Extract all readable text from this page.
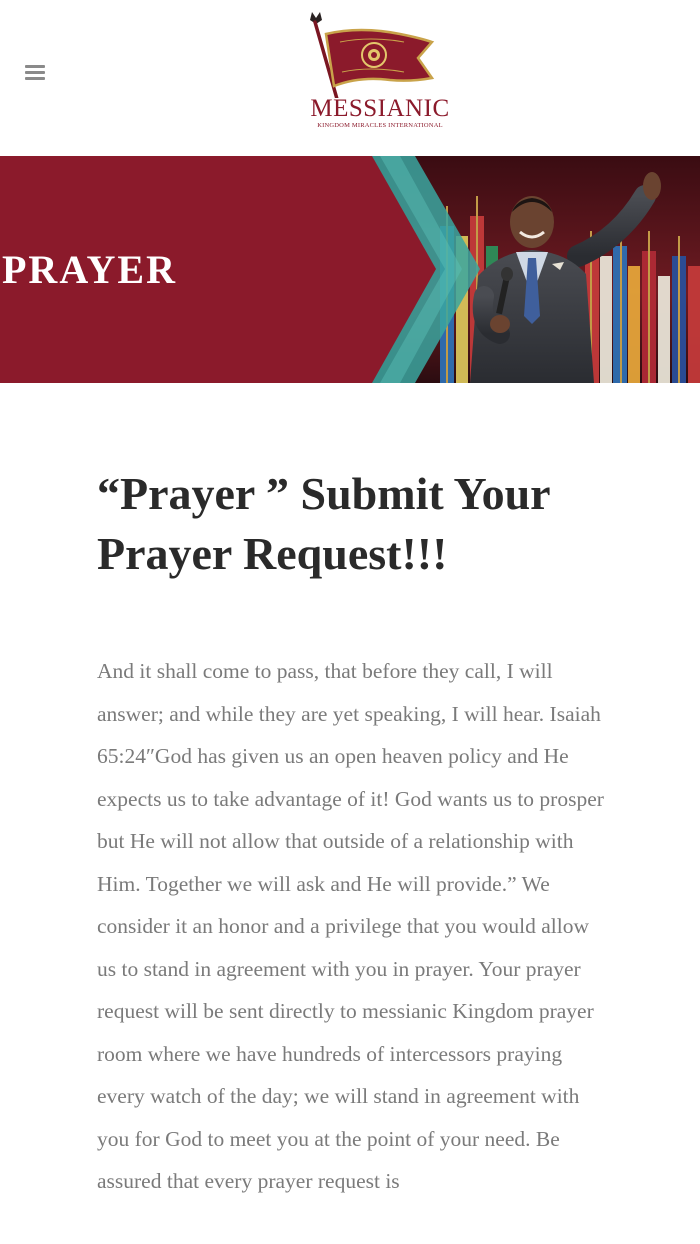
MESSIANIC
KINGDOM MIRACLES INTERNATIONAL
PRAYER
“Prayer ” Submit Your Prayer Request!!!

And it shall come to pass, that before they call, I will answer; and while they are yet speaking, I will hear. Isaiah 65:24″God has given us an open heaven policy and He expects us to take advantage of it! God wants us to prosper but He will not allow that outside of a relationship with Him. Together we will ask and He will provide.” We consider it an honor and a privilege that you would allow us to stand in agreement with you in prayer. Your prayer request will be sent directly to messianic Kingdom prayer room where we have hundreds of intercessors praying every watch of the day; we will stand in agreement with you for God to meet you at the point of your need. Be assured that every prayer request is
